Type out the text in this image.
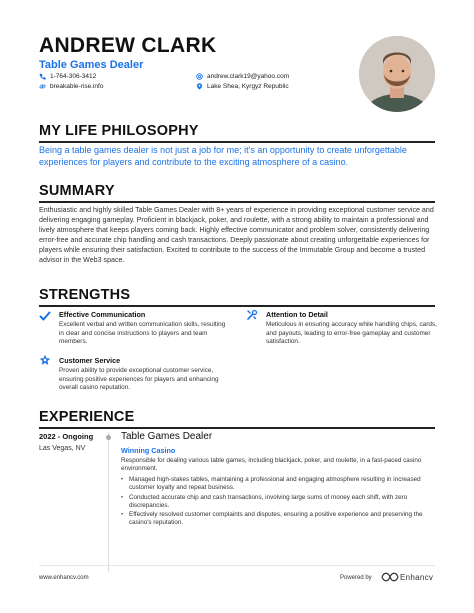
ANDREW CLARK
Table Games Dealer
1-764-306-3412	andrew.clark19@yahoo.com
breakable-rise.info	Lake Shea, Kyrgyz Republic
MY LIFE PHILOSOPHY
Being a table games dealer is not just a job for me; it's an opportunity to create unforgettable experiences for players and contribute to the exciting atmosphere of a casino.
SUMMARY
Enthusiastic and highly skilled Table Games Dealer with 8+ years of experience in providing exceptional customer service and delivering engaging gameplay. Proficient in blackjack, poker, and roulette, with a strong ability to maintain a professional and lively atmosphere that keeps players coming back. Highly effective communicator and problem solver, consistently delivering error-free and accurate chip handling and cash transactions. Deeply passionate about creating unforgettable experiences for players while ensuring their satisfaction. Excited to contribute to the success of the Immutable Group and become a trusted advisor in the Web3 space.
STRENGTHS
Effective Communication
Excellent verbal and written communication skills, resulting in clear and concise instructions to players and team members.
Attention to Detail
Meticulous in ensuring accuracy while handling chips, cards, and payouts, leading to error-free gameplay and customer satisfaction.
Customer Service
Proven ability to provide exceptional customer service, ensuring positive experiences for players and enhancing overall casino reputation.
EXPERIENCE
2022 - Ongoing
Las Vegas, NV
Table Games Dealer
Winning Casino
Responsible for dealing various table games, including blackjack, poker, and roulette, in a fast-paced casino environment.
• Managed high-stakes tables, maintaining a professional and engaging atmosphere resulting in increased customer loyalty and repeat business.
• Conducted accurate chip and cash transactions, involving large sums of money each shift, with zero discrepancies.
• Effectively resolved customer complaints and disputes, ensuring a positive experience and preserving the casino's reputation.
www.enhancv.com	Powered by	Enhancv
